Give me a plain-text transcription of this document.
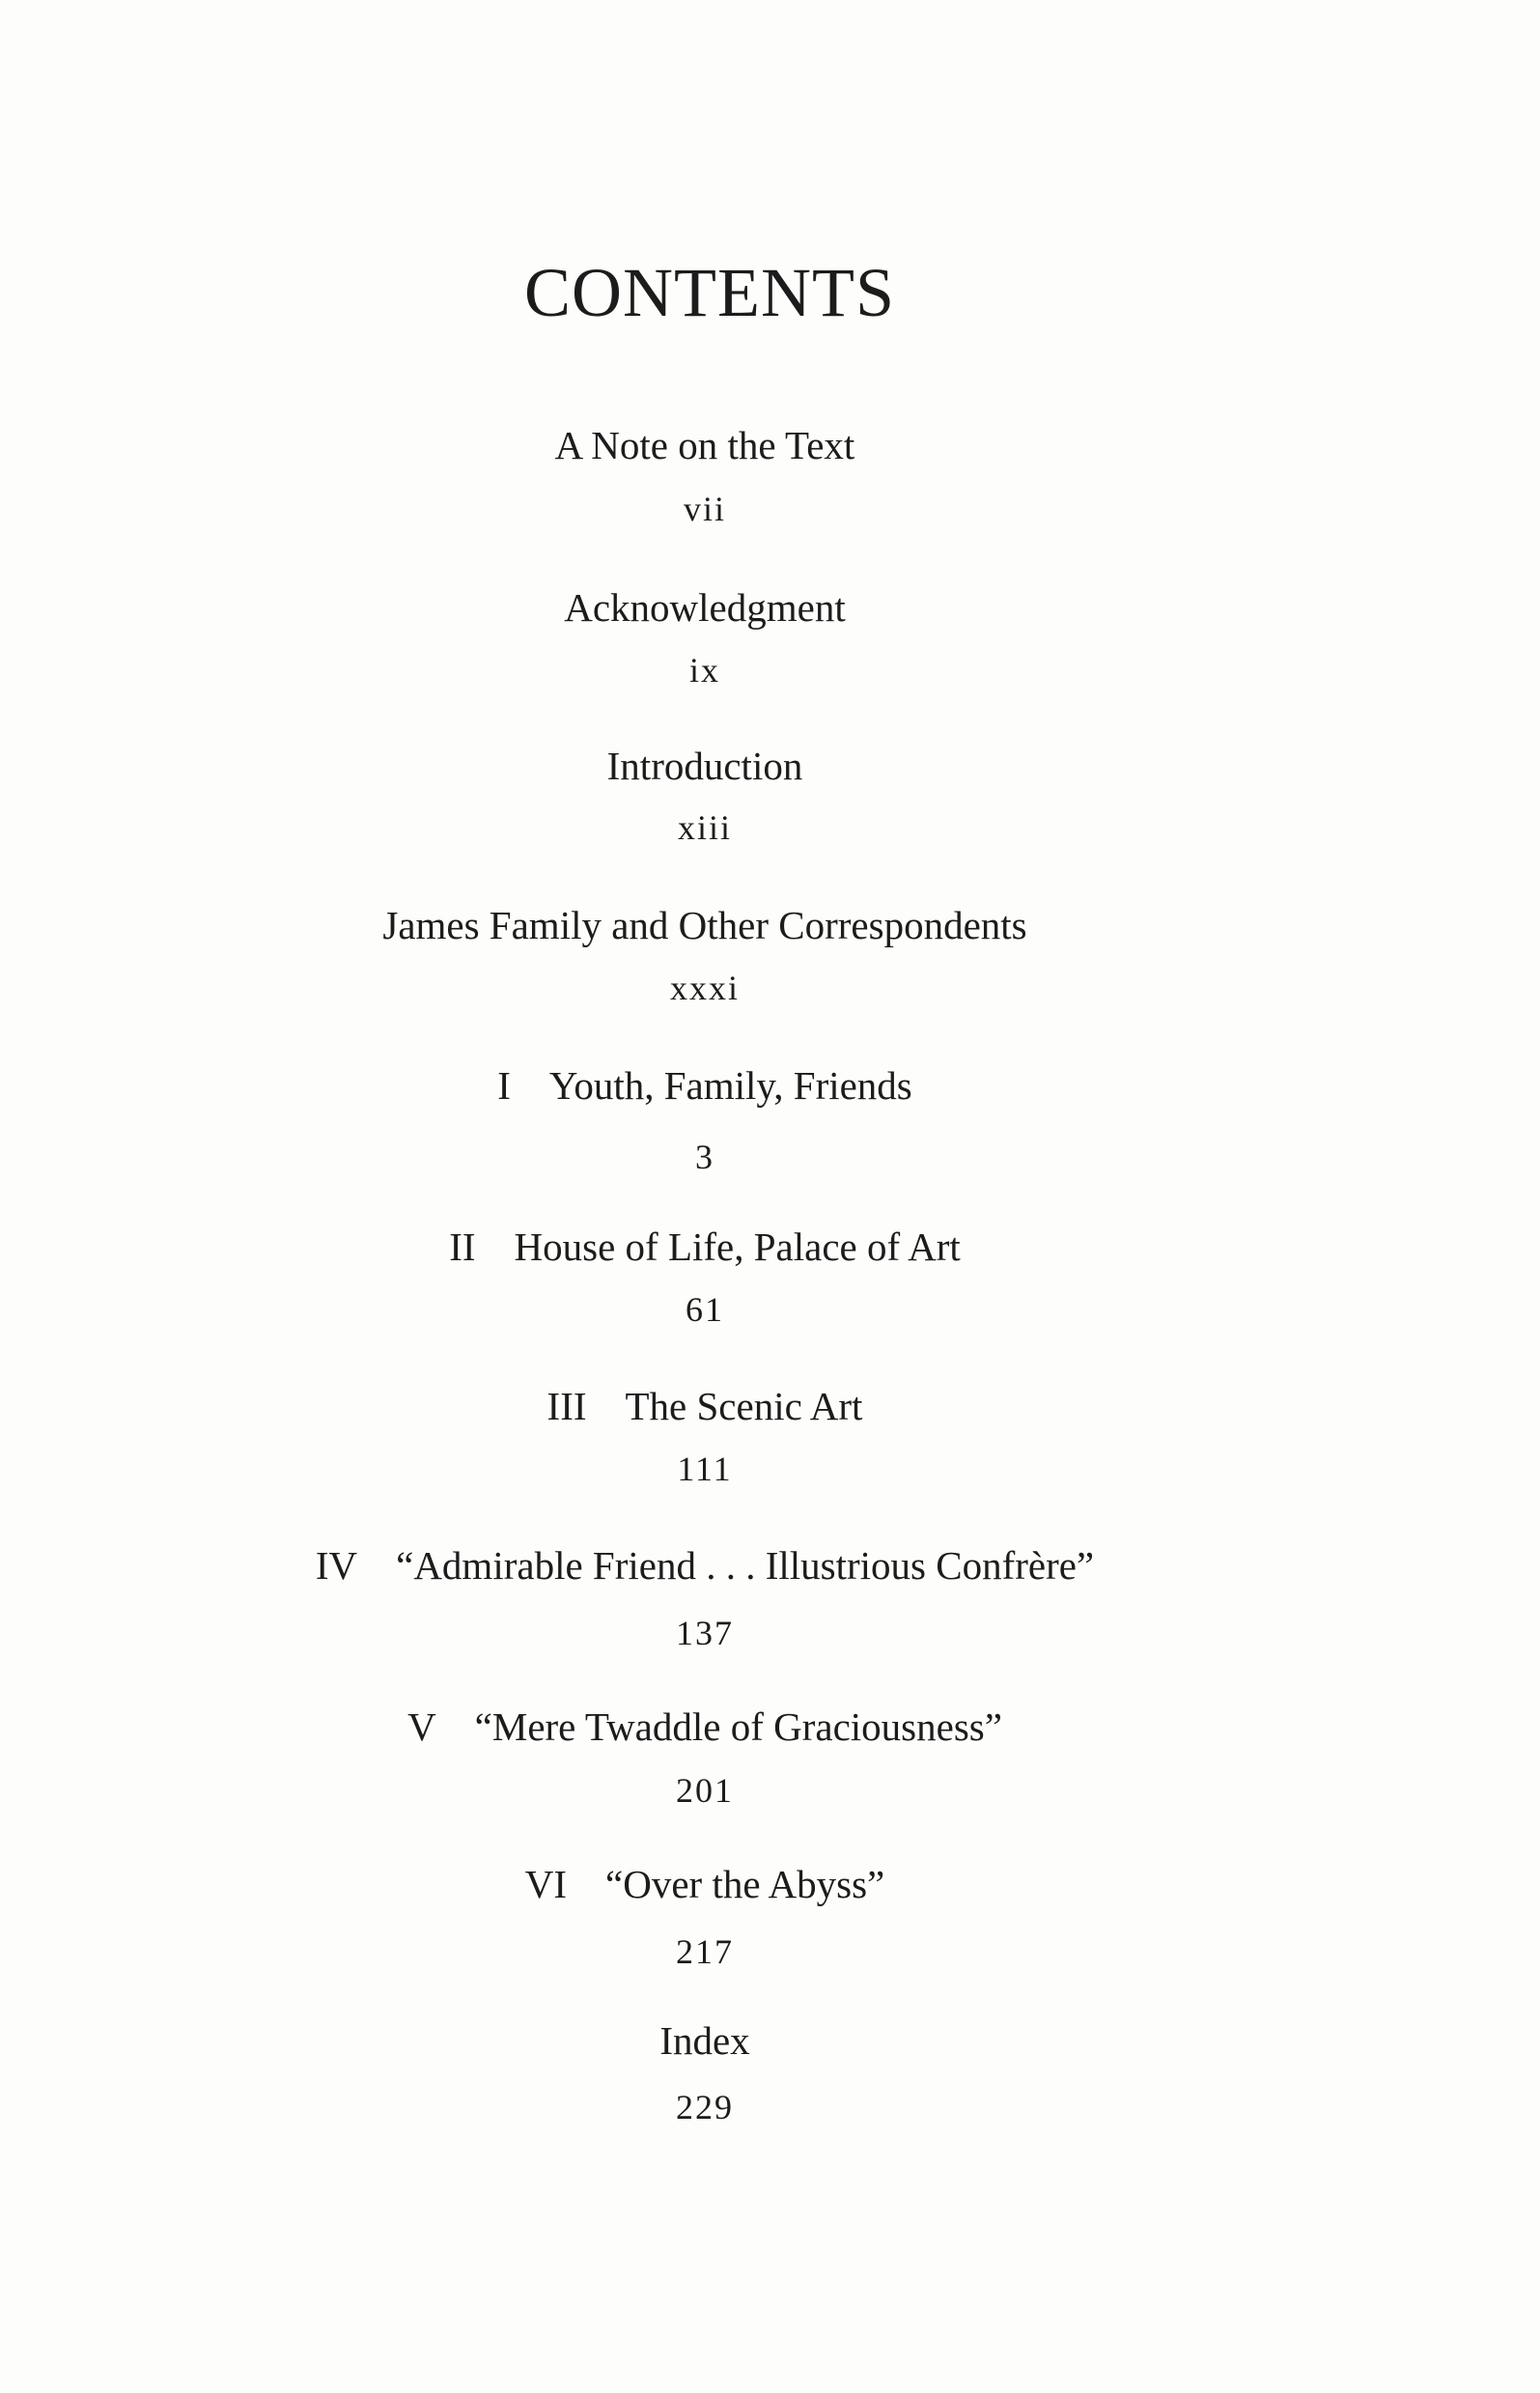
CONTENTS
A Note on the Text
vii
Acknowledgment
ix
Introduction
xiii
James Family and Other Correspondents
xxxi
I Youth, Family, Friends
3
II House of Life, Palace of Art
61
III The Scenic Art
111
IV “Admirable Friend . . . Illustrious Confrère”
137
V “Mere Twaddle of Graciousness”
201
VI “Over the Abyss”
217
Index
229
